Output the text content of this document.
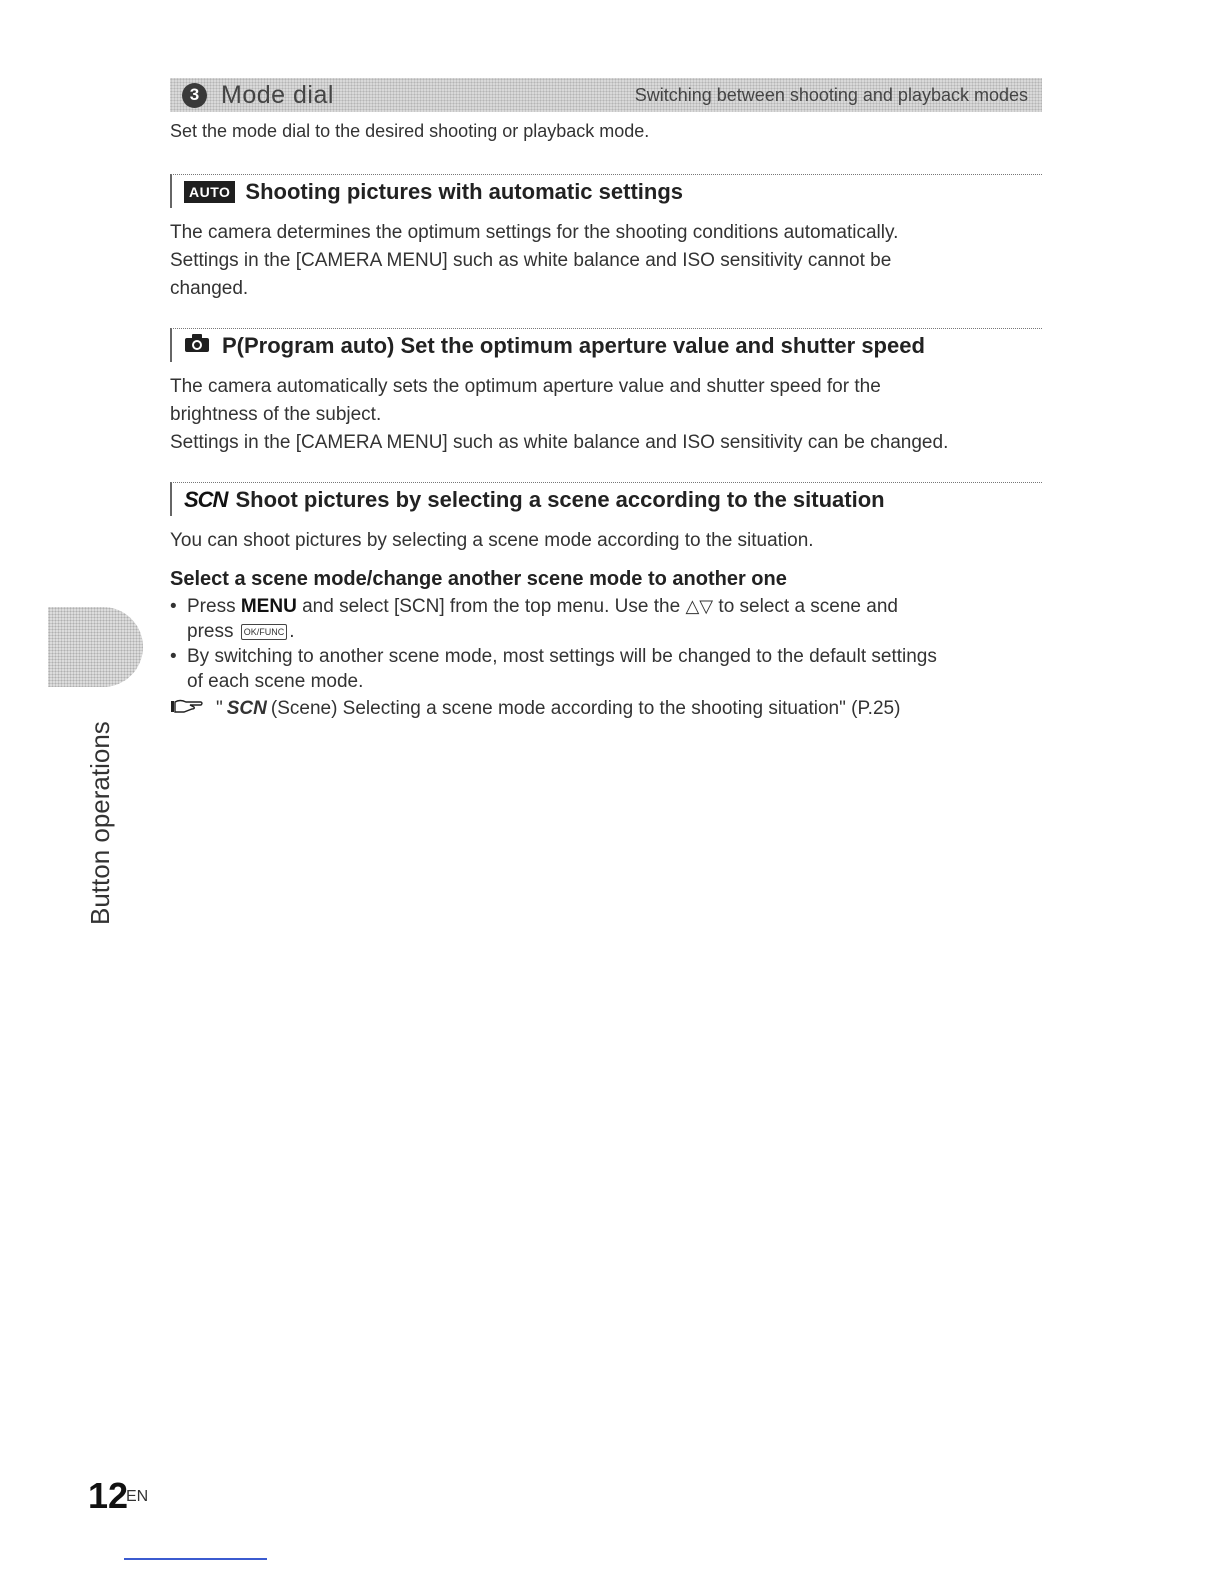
3 Mode dial	Switching between shooting and playback modes
Set the mode dial to the desired shooting or playback mode.
AUTO Shooting pictures with automatic settings
The camera determines the optimum settings for the shooting conditions automatically.
Settings in the [CAMERA MENU] such as white balance and ISO sensitivity cannot be
changed.
P(Program auto) Set the optimum aperture value and shutter speed
The camera automatically sets the optimum aperture value and shutter speed for the
brightness of the subject.
Settings in the [CAMERA MENU] such as white balance and ISO sensitivity can be changed.
SCN Shoot pictures by selecting a scene according to the situation
You can shoot pictures by selecting a scene mode according to the situation.
Select a scene mode/change another scene mode to another one
• Press MENU and select [SCN] from the top menu. Use the △▽ to select a scene and
press OK/FUNC .
• By switching to another scene mode, most settings will be changed to the default settings
of each scene mode.
" SCN (Scene) Selecting a scene mode according to the shooting situation" (P.25)
Button operations
12
EN
